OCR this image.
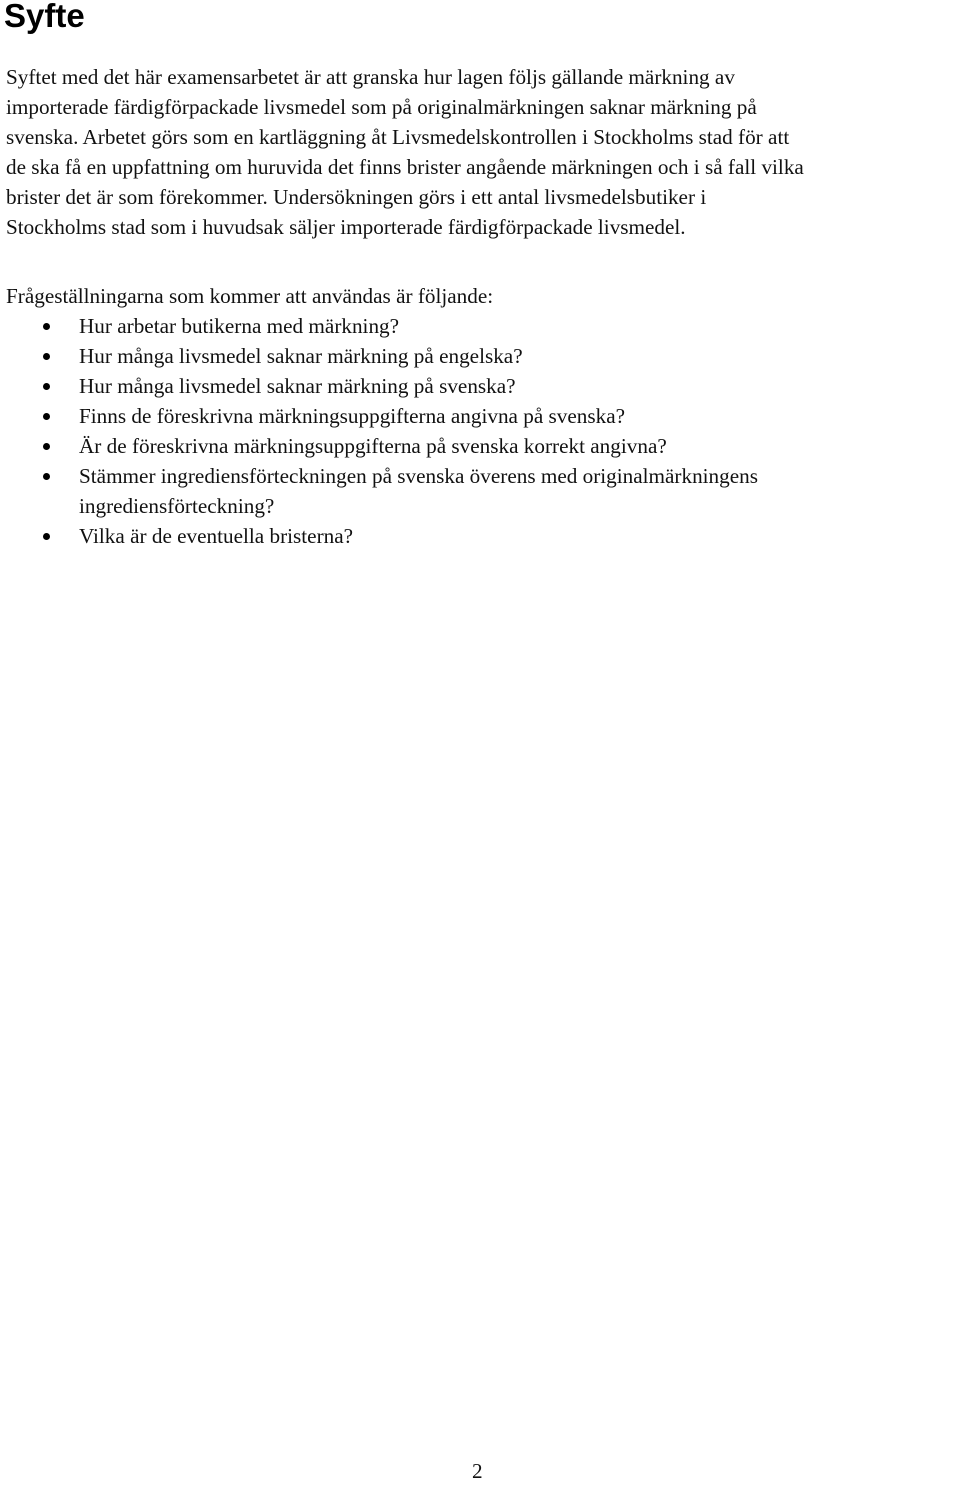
Syfte

Syftet med det här examensarbetet är att granska hur lagen följs gällande märkning av
importerade färdigförpackade livsmedel som på originalmärkningen saknar märkning på
svenska. Arbetet görs som en kartläggning åt Livsmedelskontrollen i Stockholms stad för att
de ska få en uppfattning om huruvida det finns brister angående märkningen och i så fall vilka
brister det är som förekommer. Undersökningen görs i ett antal livsmedelsbutiker i
Stockholms stad som i huvudsak säljer importerade färdigförpackade livsmedel.

Frågeställningarna som kommer att användas är följande:

Hur arbetar butikerna med märkning?
Hur många livsmedel saknar märkning på engelska?
Hur många livsmedel saknar märkning på svenska?
Finns de föreskrivna märkningsuppgifterna angivna på svenska?
Är de föreskrivna märkningsuppgifterna på svenska korrekt angivna?
Stämmer ingrediensförteckningen på svenska överens med originalmärkningens
ingrediensförteckning?
Vilka är de eventuella bristerna?
2
